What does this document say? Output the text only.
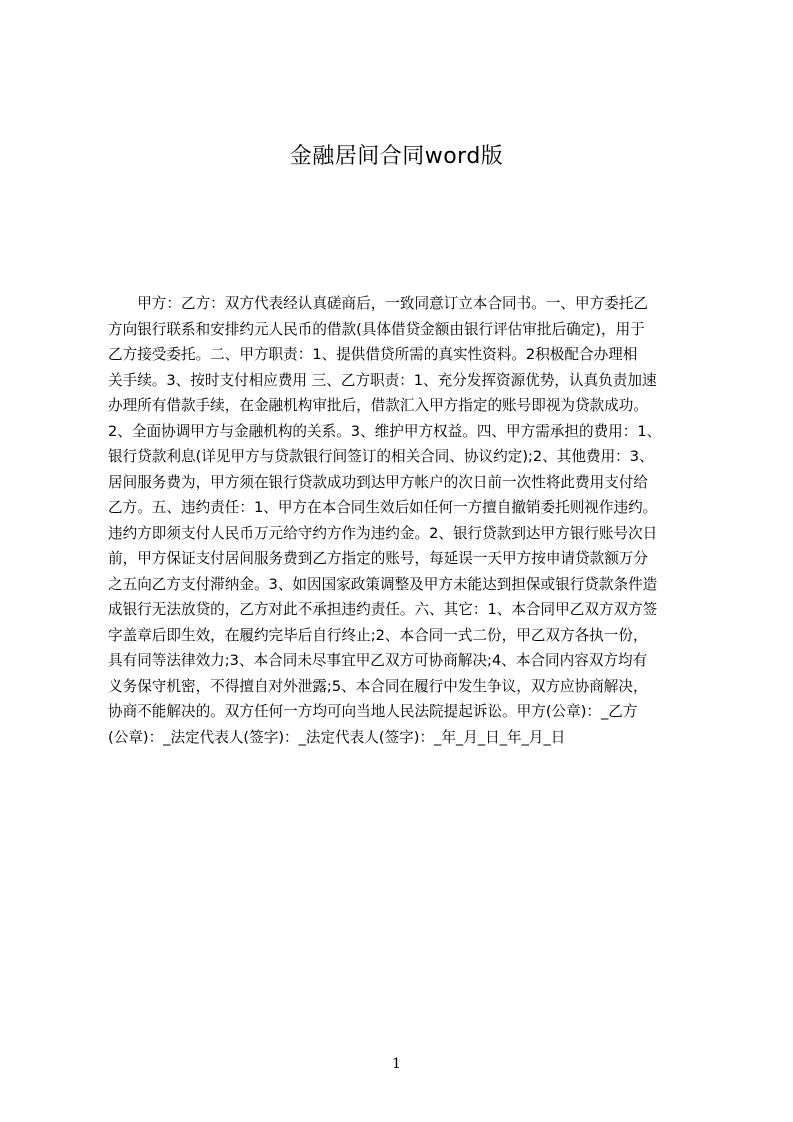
金融居间合同word版
　　甲方：乙方：双方代表经认真磋商后，一致同意订立本合同书。一、甲方委托乙
方向银行联系和安排约元人民币的借款(具体借贷金额由银行评估审批后确定)，用于
乙方接受委托。二、甲方职责：1、提供借贷所需的真实性资料。2积极配合办理相
关手续。3、按时支付相应费用 三、乙方职责：1、充分发挥资源优势，认真负责加速
办理所有借款手续，在金融机构审批后，借款汇入甲方指定的账号即视为贷款成功。
2、全面协调甲方与金融机构的关系。3、维护甲方权益。四、甲方需承担的费用：1、
银行贷款利息(详见甲方与贷款银行间签订的相关合同、协议约定);2、其他费用：3、
居间服务费为，甲方须在银行贷款成功到达甲方帐户的次日前一次性将此费用支付给
乙方。五、违约责任：1、甲方在本合同生效后如任何一方擅自撤销委托则视作违约。
违约方即须支付人民币万元给守约方作为违约金。2、银行贷款到达甲方银行账号次日
前，甲方保证支付居间服务费到乙方指定的账号，每延误一天甲方按申请贷款额万分
之五向乙方支付滞纳金。3、如因国家政策调整及甲方未能达到担保或银行贷款条件造
成银行无法放贷的，乙方对此不承担违约责任。六、其它：1、本合同甲乙双方双方签
字盖章后即生效，在履约完毕后自行终止;2、本合同一式二份，甲乙双方各执一份，
具有同等法律效力;3、本合同未尽事宜甲乙双方可协商解决;4、本合同内容双方均有
义务保守机密，不得擅自对外泄露;5、本合同在履行中发生争议，双方应协商解决，
协商不能解决的。双方任何一方均可向当地人民法院提起诉讼。甲方(公章)：_乙方
(公章)：_法定代表人(签字)：_法定代表人(签字)：_年_月_日_年_月_日
1
